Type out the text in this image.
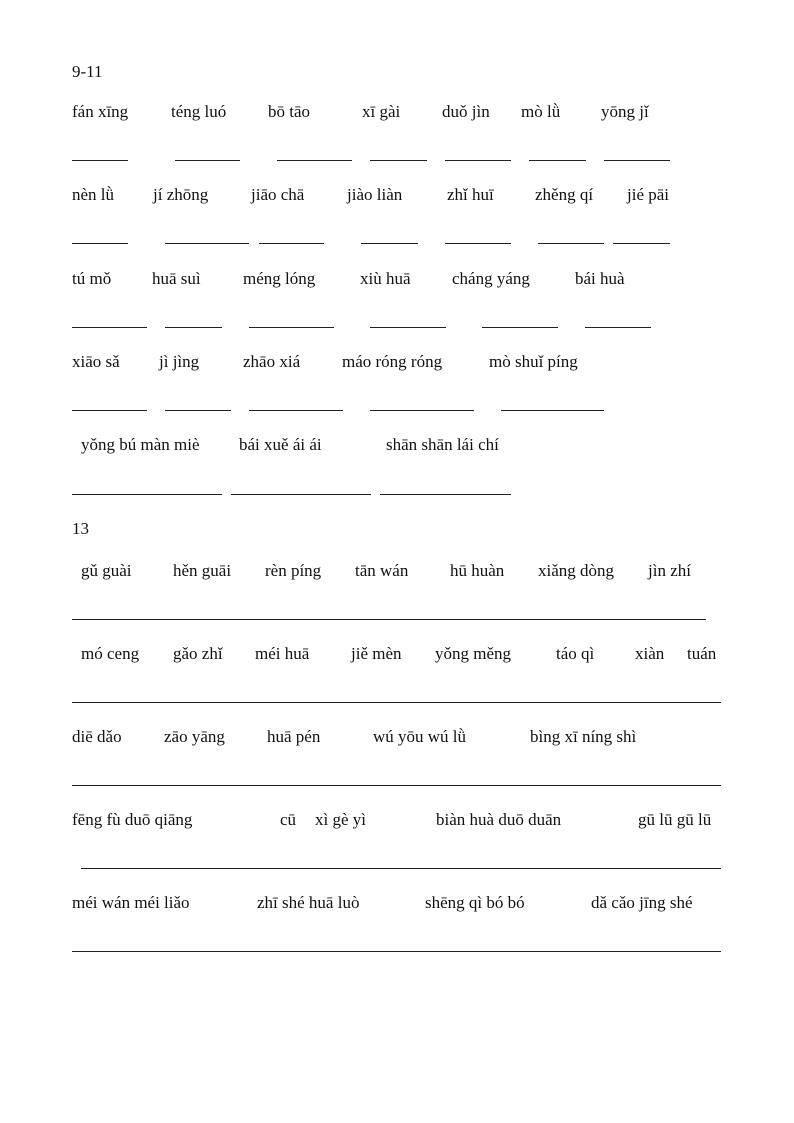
9-11
fán xīng	téng luó bō tāo	xī gài duǒ jìn mò lǜ yōng jǐ
nèn lǜ jí zhōng	jiāo chā	jiào liàn	zhǐ huī zhěng qí jié pāi
tú mǒ huā suì méng lóng	xiù huā cháng yáng	bái huà
xiāo sǎ jì jìng	zhāo xiá máo róng róng	mò shuǐ píng
yǒng bú màn miè bái xuě ái ái	shān shān lái chí
13
gǔ guài hěn guāi rèn píng tān wán hū huàn xiǎng dòng jìn zhí
mó ceng gǎo zhǐ méi huā jiě mèn yǒng měng	táo qì xiàn tuán
diē dǎo zāo yāng huā pén	wú yōu wú lǜ	bìng xī níng shì
fēng fù duō qiāng	cū xì gè yì	biàn huà duō duān	gū lū gū lū
méi wán méi liǎo	zhī shé huā luò	shēng qì bó bó	dǎ cǎo jīng shé
